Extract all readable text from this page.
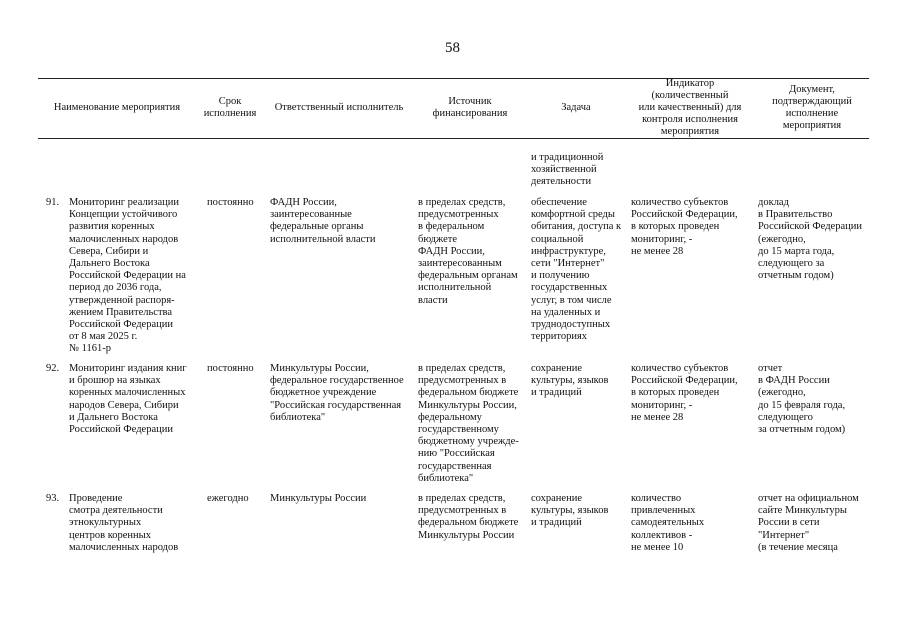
58
Наименование мероприятия
Срок
исполнения
Ответственный исполнитель
Источник
финансирования
Задача
Индикатор
(количественный
или качественный) для
контроля исполнения
мероприятия
Документ,
подтверждающий
исполнение
мероприятия
и традиционной
хозяйственной
деятельности
91. Мониторинг реализации
Концепции устойчивого
развития коренных
малочисленных народов
Севера, Сибири и
Дальнего Востока
Российской Федерации на
период до 2036 года,
утвержденной распоря-
жением Правительства
Российской Федерации
от 8 мая 2025 г.
№ 1161-р
постоянно ФАДН России,
заинтересованные
федеральные органы
исполнительной власти
в пределах средств,
предусмотренных
в федеральном
бюджете
ФАДН России,
заинтересованным
федеральным органам
исполнительной
власти
обеспечение
комфортной среды
обитания, доступа к
социальной
инфраструктуре,
сети "Интернет"
и получению
государственных
услуг, в том числе
на удаленных и
труднодоступных
территориях
количество субъектов
Российской Федерации,
в которых проведен
мониторинг, -
не менее 28
доклад
в Правительство
Российской Федерации
(ежегодно,
до 15 марта года,
следующего за
отчетным годом)
92. Мониторинг издания книг
и брошюр на языках
коренных малочисленных
народов Севера, Сибири
и Дальнего Востока
Российской Федерации
постоянно Минкультуры России,
федеральное государственное
бюджетное учреждение
"Российская государственная
библиотека"
в пределах средств,
предусмотренных в
федеральном бюджете
Минкультуры России,
федеральному
государственному
бюджетному учрежде-
нию "Российская
государственная
библиотека"
сохранение
культуры, языков
и традиций
количество субъектов
Российской Федерации,
в которых проведен
мониторинг, -
не менее 28
отчет
в ФАДН России
(ежегодно,
до 15 февраля года,
следующего
за отчетным годом)
93. Проведение
смотра деятельности
этнокультурных
центров коренных
малочисленных народов
ежегодно Минкультуры России	в пределах средств,
предусмотренных в
федеральном бюджете
Минкультуры России
сохранение
культуры, языков
и традиций
количество
привлеченных
самодеятельных
коллективов -
не менее 10
отчет на официальном
сайте Минкультуры
России в сети
"Интернет"
(в течение месяца
